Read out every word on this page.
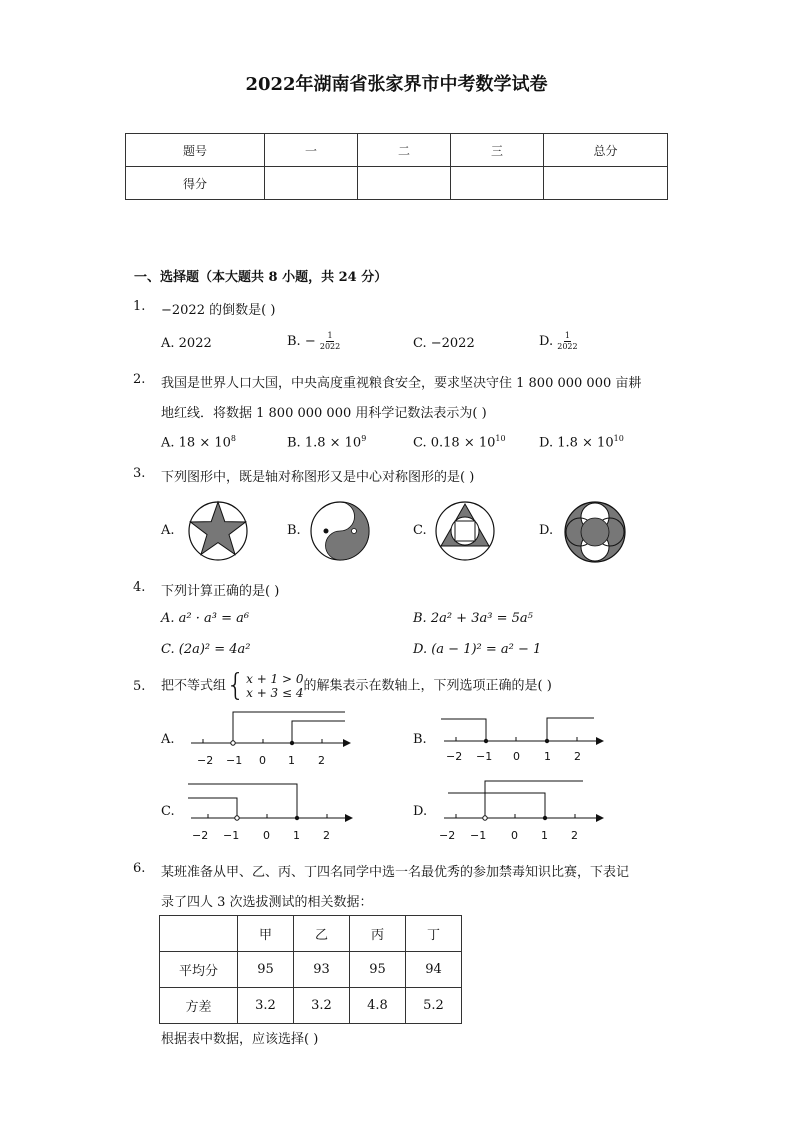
2022年湖南省张家界市中考数学试卷
题号	一	二	三	总分
得分				
一、选择题（本大题共 8 小题，共 24 分）
1. −2022 的倒数是( )
A. 2022	B. − $\frac{1}{2022}$	C. −2022	D. $\frac{1}{2022}$
2. 我国是世界人口大国，中央高度重视粮食安全，要求坚决守住 1 800 000 000 亩耕
地红线．将数据 1 800 000 000 用科学记数法表示为( )
A. $18 \times 10^8$	B. $1.8 \times 10^9$	C. $0.18 \times 10^{10}$	D. $1.8 \times 10^{10}$
3. 下列图形中，既是轴对称图形又是中心对称图形的是( )
A.	B.	C.	D.
4. 下列计算正确的是( )
A. a² · a³ = a⁶	B. 2a² + 3a³ = 5a⁵
C. (2a)² = 4a²	D. (a − 1)² = a² − 1
5. 把不等式组 { x + 1 > 0
x + 3 ≤ 4 的解集表示在数轴上，下列选项正确的是( )
A.
−2 −1 0 1 2
B.
−2 −1 0 1 2
C.
−2 −1 0 1 2
D.
−2 −1 0 1 2
6. 某班准备从甲、乙、丙、丁四名同学中选一名最优秀的参加禁毒知识比赛，下表记
录了四人 3 次选拔测试的相关数据：
	甲	乙	丙	丁
平均分	95	93	95	94
方差	3.2	3.2	4.8	5.2
根据表中数据，应该选择( )
